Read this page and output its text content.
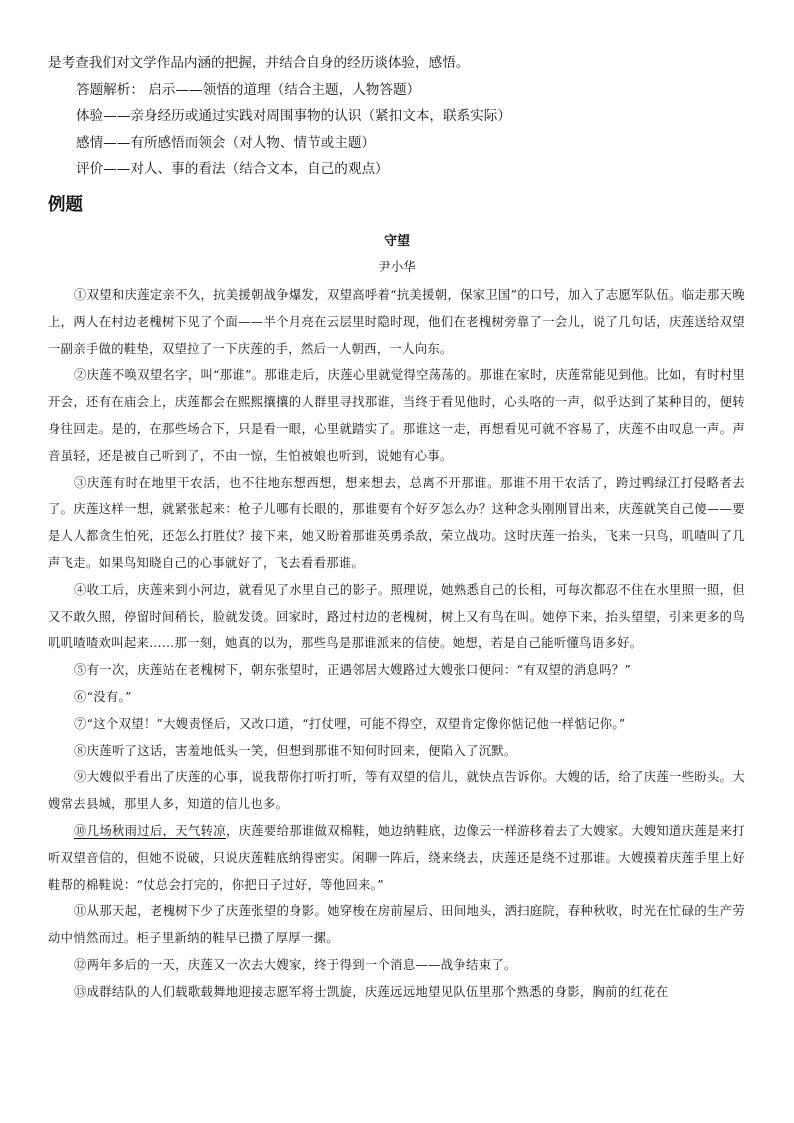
是考查我们对文学作品内涵的把握，并结合自身的经历谈体验，感悟。

答题解析： 启示——领悟的道理（结合主题，人物答题）

体验——亲身经历或通过实践对周围事物的认识（紧扣文本，联系实际）

感情——有所感悟而领会（对人物、情节或主题）

评价——对人、事的看法（结合文本，自己的观点）

例题

守望

尹小华

①双望和庆莲定亲不久，抗美援朝战争爆发，双望高呼着“抗美援朝，保家卫国”的口号，加入了志愿军队伍。临走那天晚上，两人在村边老槐树下见了个面——半个月亮在云层里时隐时现，他们在老槐树旁靠了一会儿，说了几句话，庆莲送给双望一副亲手做的鞋垫，双望拉了一下庆莲的手，然后一人朝西，一人向东。

②庆莲不唤双望名字，叫“那谁”。那谁走后，庆莲心里就觉得空荡荡的。那谁在家时，庆莲常能见到他。比如，有时村里开会，还有在庙会上，庆莲都会在熙熙攘攘的人群里寻找那谁，当终于看见他时，心头咯的一声，似乎达到了某种目的，便转身往回走。是的，在那些场合下，只是看一眼，心里就踏实了。那谁这一走，再想看见可就不容易了，庆莲不由叹息一声。声音虽轻，还是被自己听到了，不由一惊，生怕被娘也听到，说她有心事。

③庆莲有时在地里干农活，也不往地东想西想，想来想去，总离不开那谁。那谁不用干农活了，跨过鸭绿江打侵略者去了。庆莲这样一想，就紧张起来：枪子儿哪有长眼的，那谁要有个好歹怎么办？这种念头刚刚冒出来，庆莲就笑自己傻——要是人人都贪生怕死，还怎么打胜仗？接下来，她又盼着那谁英勇杀敌，荣立战功。这时庆莲一抬头，飞来一只鸟，叽喳叫了几声飞走。如果鸟知晓自己的心事就好了，飞去看看那谁。

④收工后，庆莲来到小河边，就看见了水里自己的影子。照理说，她熟悉自己的长相，可每次都忍不住在水里照一照，但又不敢久照，停留时间稍长，脸就发烫。回家时，路过村边的老槐树，树上又有鸟在叫。她停下来，抬头望望，引来更多的鸟叽叽喳喳欢叫起来……那一刻，她真的以为，那些鸟是那谁派来的信使。她想，若是自己能听懂鸟语多好。

⑤有一次，庆莲站在老槐树下，朝东张望时，正遇邻居大嫂路过大嫂张口便问：“有双望的消息吗？”

⑥“没有。”

⑦“这个双望！”大嫂责怪后，又改口道，“打仗哩，可能不得空，双望肯定像你惦记他一样惦记你。”

⑧庆莲听了这话，害羞地低头一笑，但想到那谁不知何时回来，便陷入了沉默。

⑨大嫂似乎看出了庆莲的心事，说我帮你打听打听，等有双望的信儿，就快点告诉你。大嫂的话，给了庆莲一些盼头。大嫂常去县城，那里人多，知道的信儿也多。

⑩几场秋雨过后，天气转凉，庆莲要给那谁做双棉鞋，她边纳鞋底，边像云一样游移着去了大嫂家。大嫂知道庆莲是来打听双望音信的，但她不说破，只说庆莲鞋底纳得密实。闲聊一阵后，绕来绕去，庆莲还是绕不过那谁。大嫂摸着庆莲手里上好鞋帮的棉鞋说：“仗总会打完的，你把日子过好，等他回来。”

⑪从那天起，老槐树下少了庆莲张望的身影。她穿梭在房前屋后、田间地头，洒扫庭院，春种秋收，时光在忙碌的生产劳动中悄然而过。柜子里新纳的鞋早已攒了厚厚一摞。

⑫两年多后的一天，庆莲又一次去大嫂家，终于得到一个消息——战争结束了。

⑬成群结队的人们载歌载舞地迎接志愿军将士凯旋，庆莲远远地望见队伍里那个熟悉的身影，胸前的红花在
